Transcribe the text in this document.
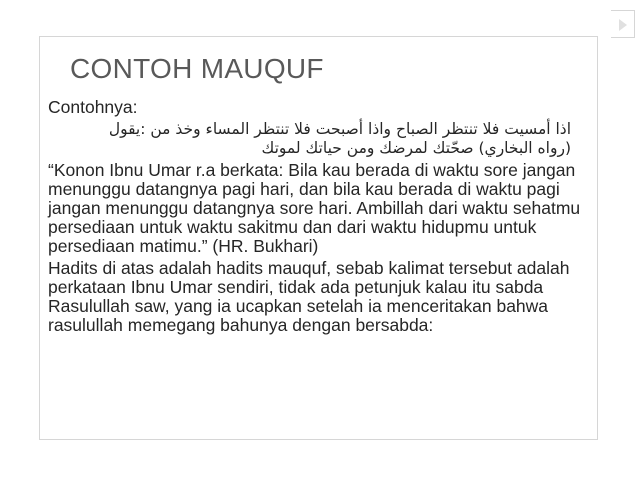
CONTOH MAUQUF

Contohnya:

اذا أمسيت فلا تنتظر الصباح واذا أصبحت فلا تنتظر المساء وخذ من :يقول
(رواه البخاري) صحّتك لمرضك ومن حياتك لموتك

“Konon Ibnu Umar r.a berkata: Bila kau berada di waktu sore jangan menunggu datangnya pagi hari, dan bila kau berada di waktu pagi jangan menunggu datangnya sore hari. Ambillah dari waktu sehatmu persediaan untuk waktu sakitmu dan dari waktu hidupmu untuk persediaan matimu.” (HR. Bukhari)

Hadits di atas adalah hadits mauquf, sebab kalimat tersebut adalah perkataan Ibnu Umar sendiri, tidak ada petunjuk kalau itu sabda Rasulullah saw, yang ia ucapkan setelah ia menceritakan bahwa rasulullah memegang bahunya dengan bersabda:
